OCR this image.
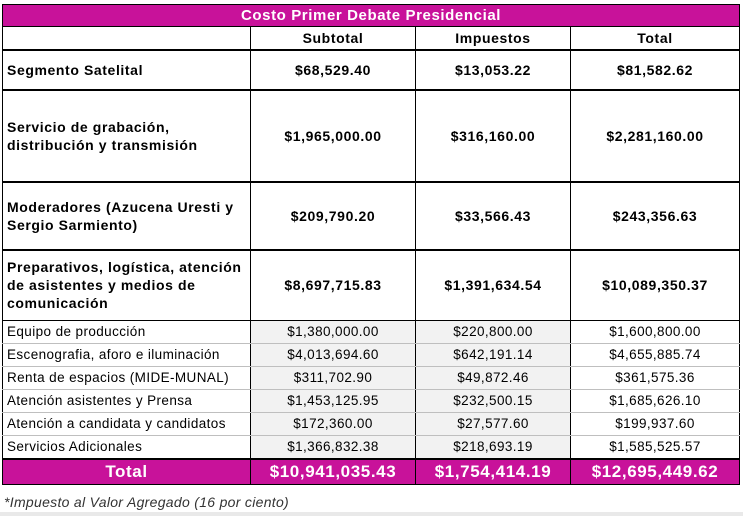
Costo Primer Debate Presidencial			
	Subtotal	Impuestos	Total
Segmento Satelital	$68,529.40	$13,053.22	$81,582.62
Servicio de grabación, distribución y transmisión	$1,965,000.00	$316,160.00	$2,281,160.00
Moderadores (Azucena Uresti y Sergio Sarmiento)	$209,790.20	$33,566.43	$243,356.63
Preparativos, logística, atención de asistentes y medios de comunicación	$8,697,715.83	$1,391,634.54	$10,089,350.37
Equipo de producción	$1,380,000.00	$220,800.00	$1,600,800.00
Escenografia, aforo e iluminación	$4,013,694.60	$642,191.14	$4,655,885.74
Renta de espacios (MIDE-MUNAL)	$311,702.90	$49,872.46	$361,575.36
Atención asistentes y Prensa	$1,453,125.95	$232,500.15	$1,685,626.10
Atención a candidata y candidatos	$172,360.00	$27,577.60	$199,937.60
Servicios Adicionales	$1,366,832.38	$218,693.19	$1,585,525.57
Total	$10,941,035.43	$1,754,414.19	$12,695,449.62
*Impuesto al Valor Agregado (16 por ciento)
